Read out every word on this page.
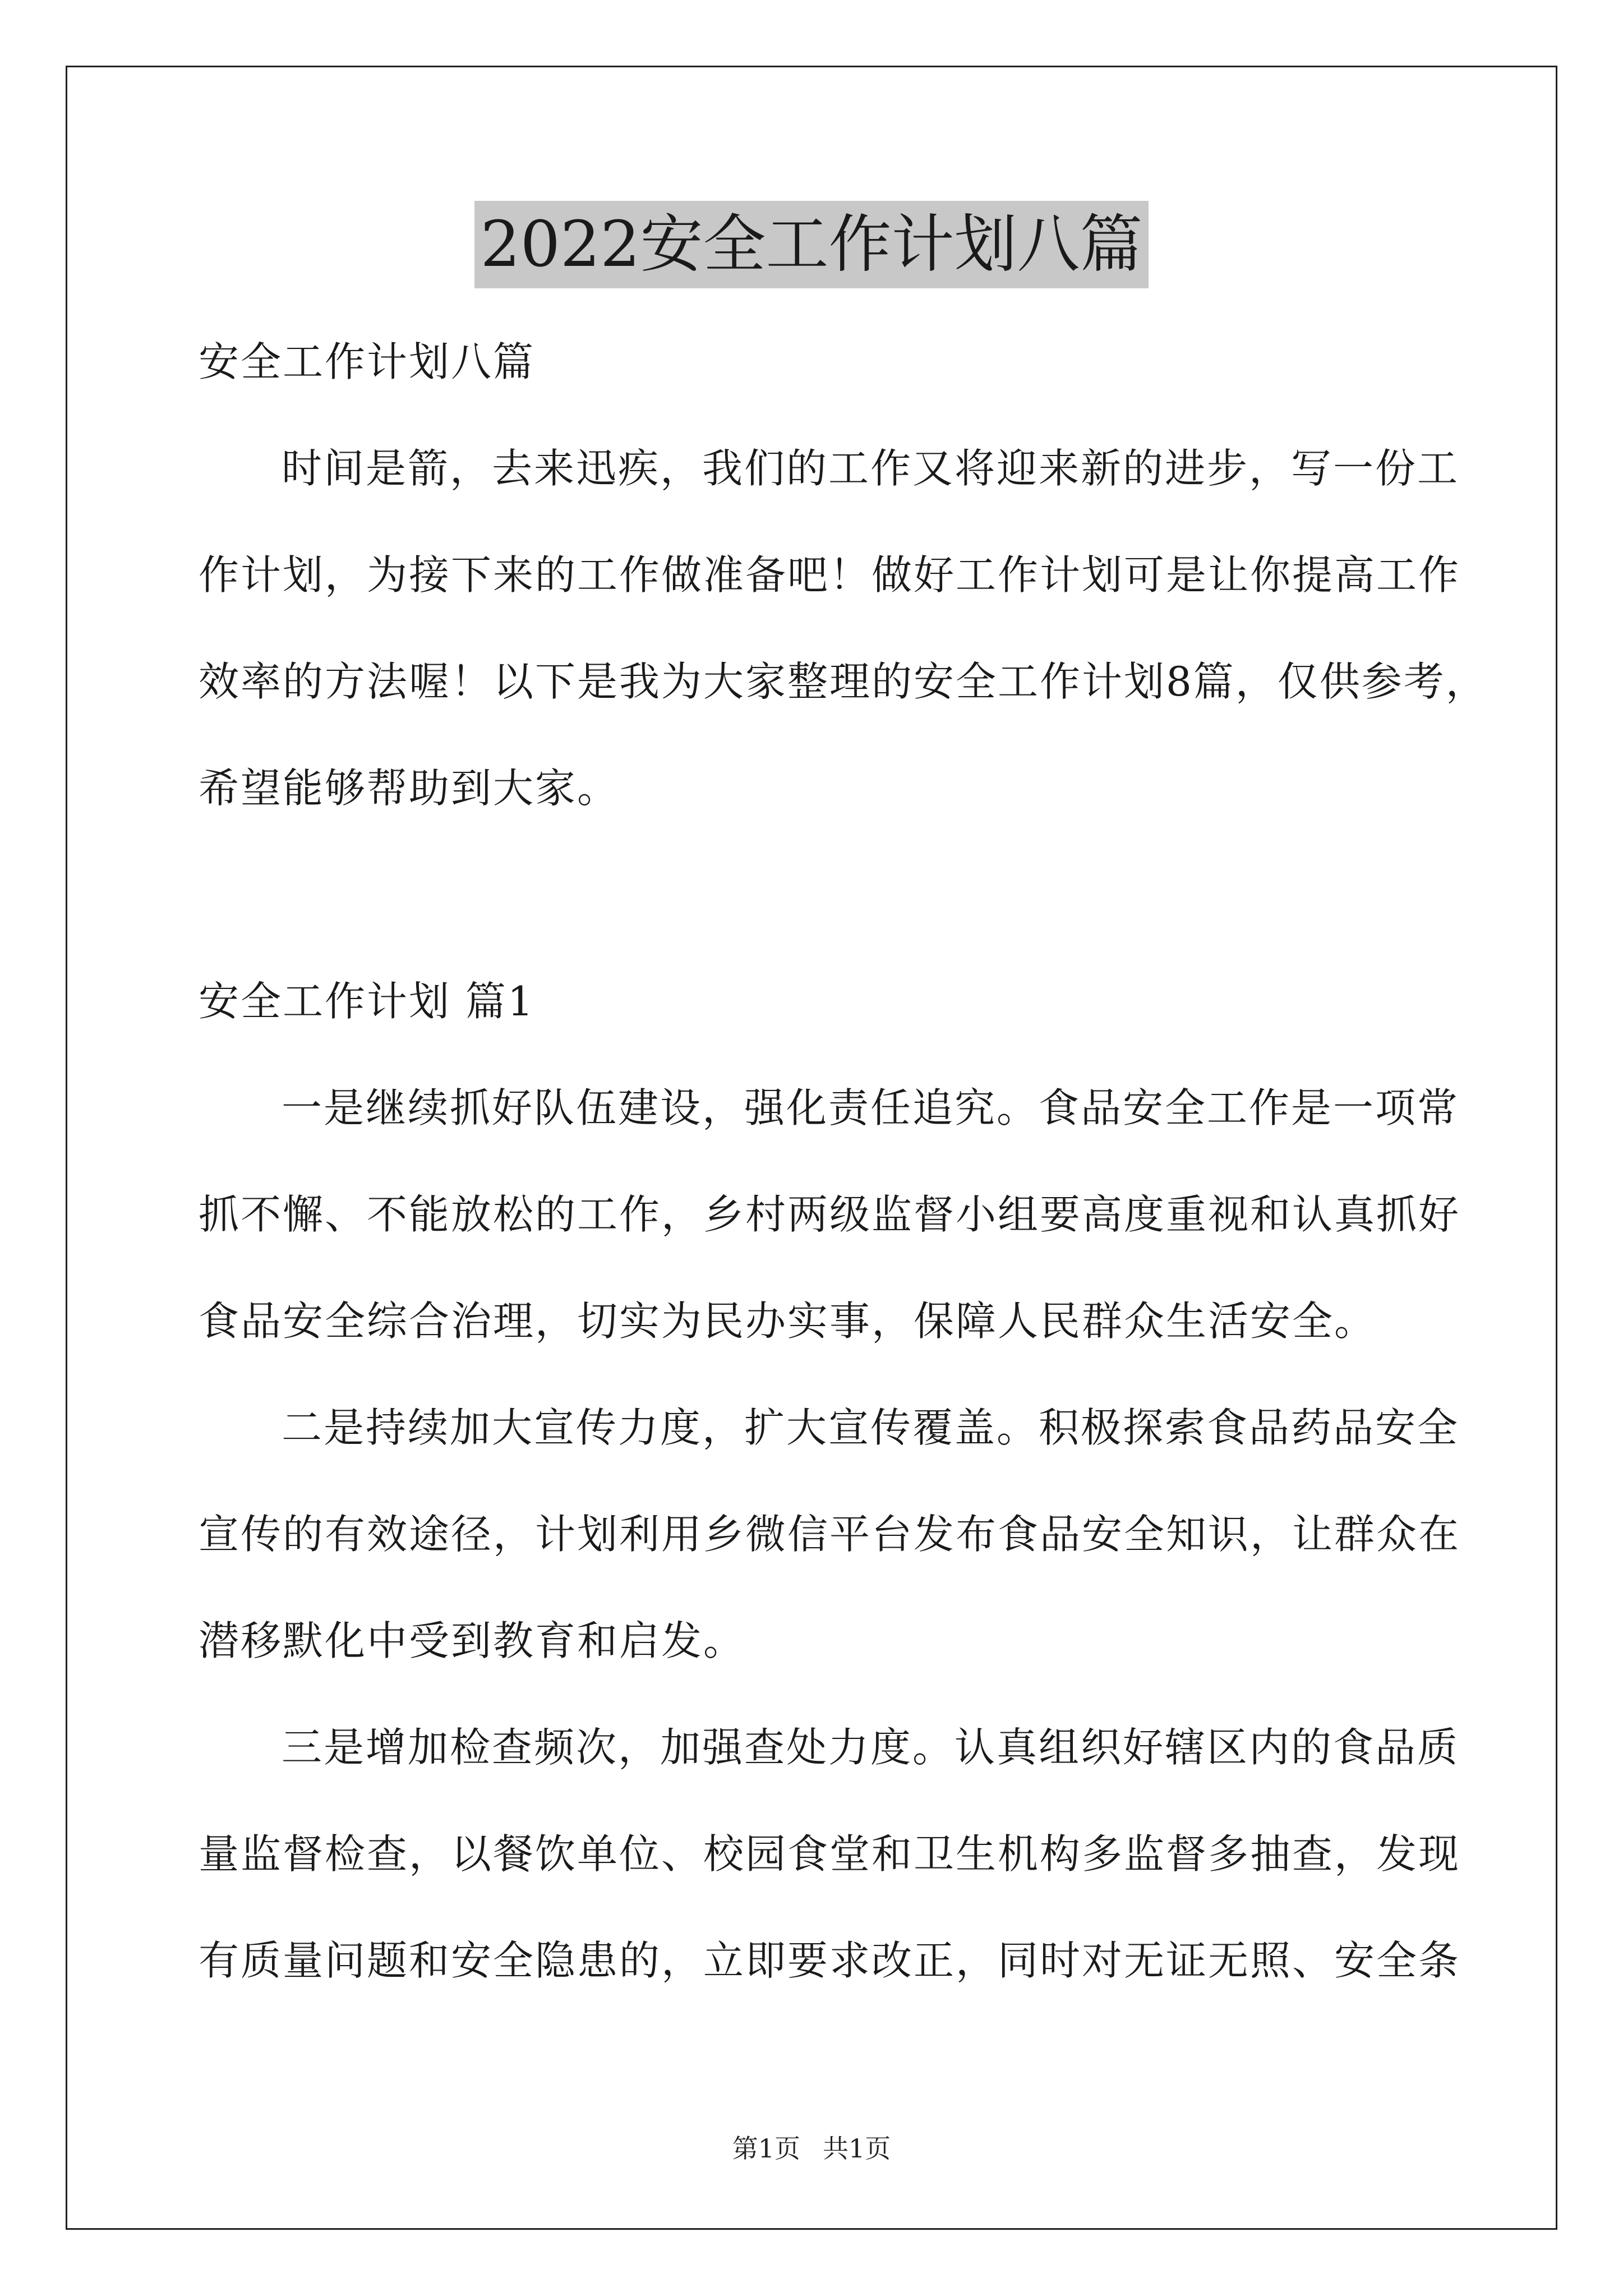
2022安全工作计划八篇
安全工作计划八篇
时间是箭，去来迅疾，我们的工作又将迎来新的进步，写一份工
作计划，为接下来的工作做准备吧！做好工作计划可是让你提高工作
效率的方法喔！以下是我为大家整理的安全工作计划8篇，仅供参考，
希望能够帮助到大家。
安全工作计划 篇1
一是继续抓好队伍建设，强化责任追究。食品安全工作是一项常
抓不懈、不能放松的工作，乡村两级监督小组要高度重视和认真抓好
食品安全综合治理，切实为民办实事，保障人民群众生活安全。
二是持续加大宣传力度，扩大宣传覆盖。积极探索食品药品安全
宣传的有效途径，计划利用乡微信平台发布食品安全知识，让群众在
潜移默化中受到教育和启发。
三是增加检查频次，加强查处力度。认真组织好辖区内的食品质
量监督检查，以餐饮单位、校园食堂和卫生机构多监督多抽查，发现
有质量问题和安全隐患的，立即要求改正，同时对无证无照、安全条
第1页 共1页
